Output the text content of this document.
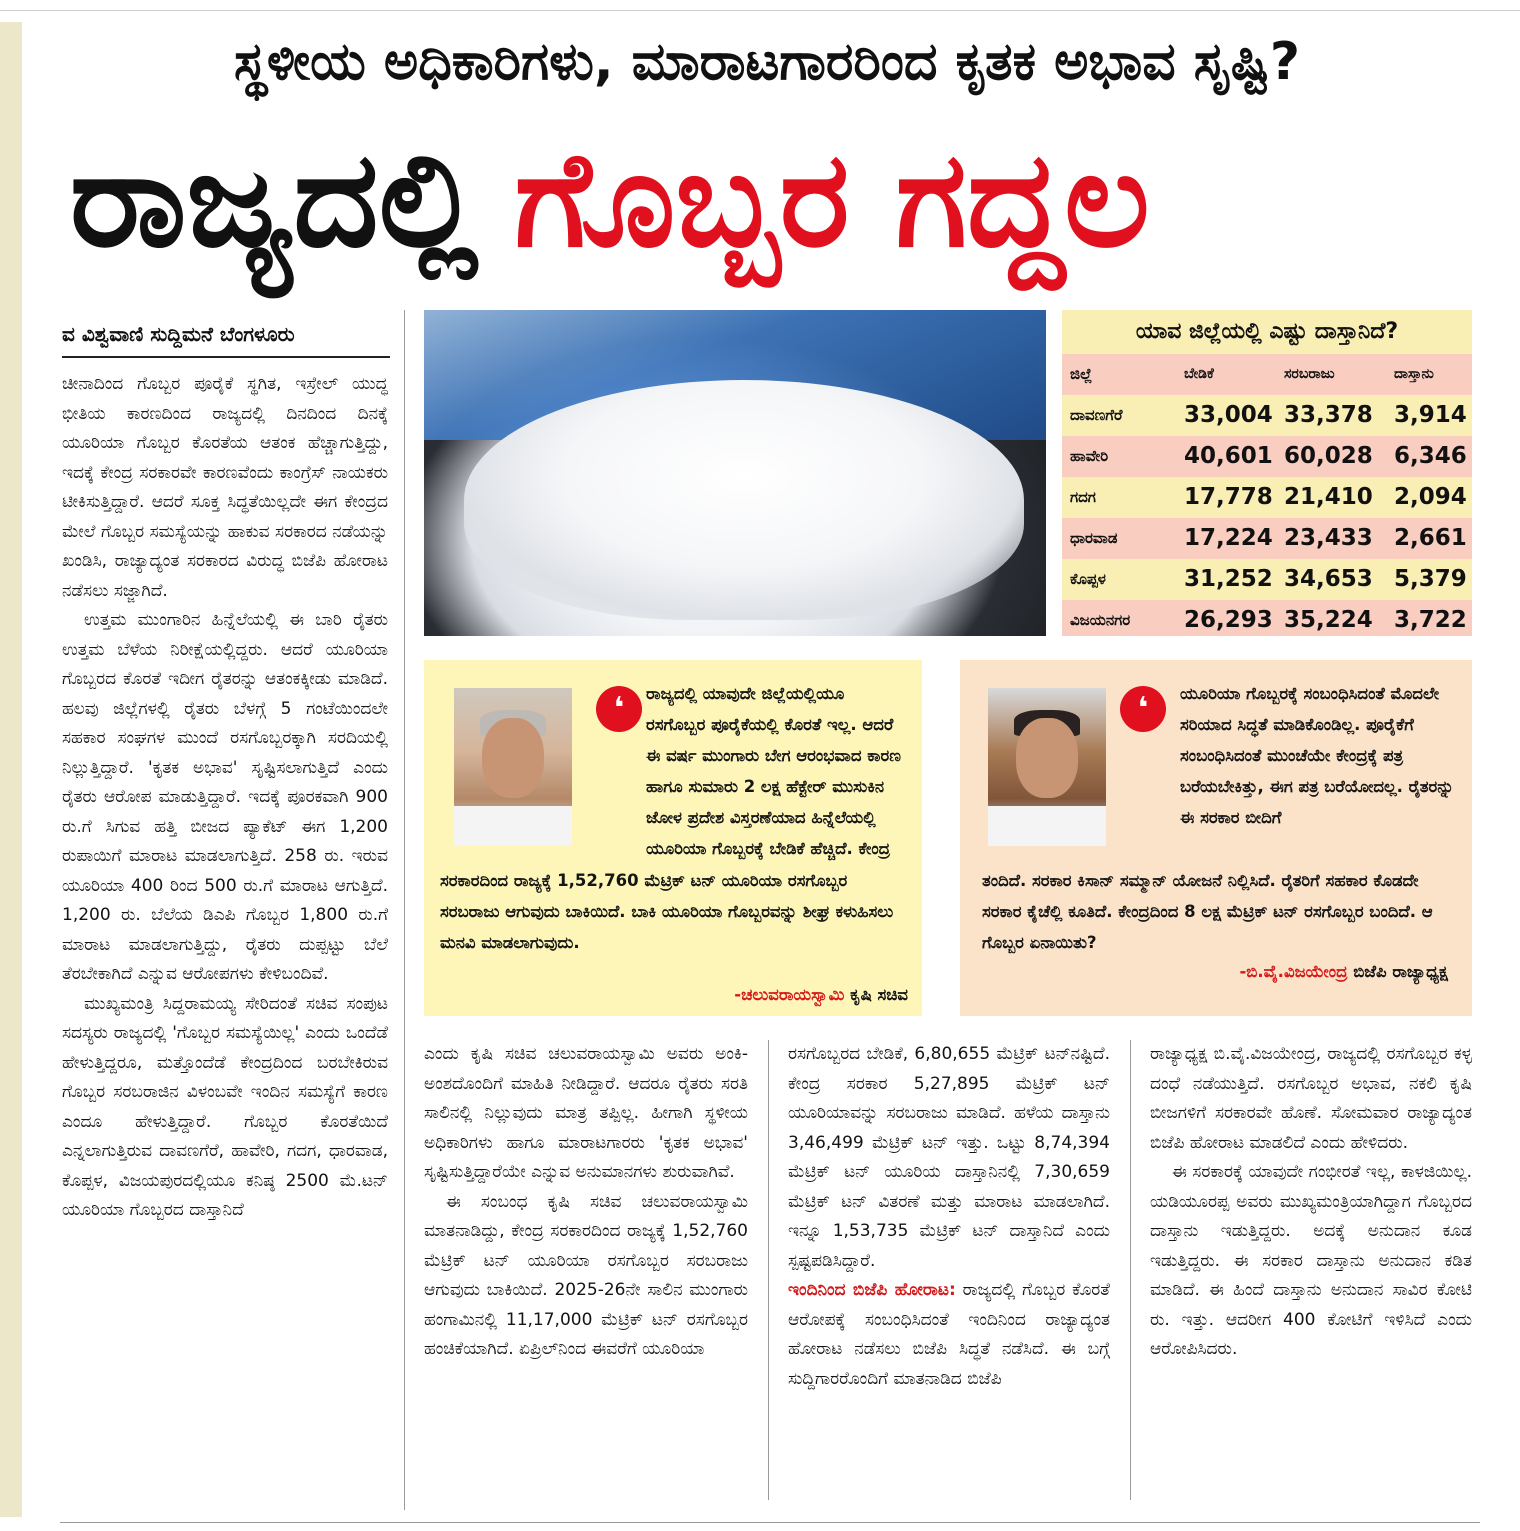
ಸ್ಥಳೀಯ ಅಧಿಕಾರಿಗಳು, ಮಾರಾಟಗಾರರಿಂದ ಕೃತಕ ಅಭಾವ ಸೃಷ್ಟಿ?
ರಾಜ್ಯದಲ್ಲಿ ಗೊಬ್ಬರ ಗದ್ದಲ
ವ ವಿಶ್ವವಾಣಿ ಸುದ್ದಿಮನೆ ಬೆಂಗಳೂರು

ಚೀನಾದಿಂದ ಗೊಬ್ಬರ ಪೂರೈಕೆ ಸ್ಥಗಿತ, ಇಸ್ರೇಲ್ ಯುದ್ಧ ಭೀತಿಯ ಕಾರಣದಿಂದ ರಾಜ್ಯದಲ್ಲಿ ದಿನದಿಂದ ದಿನಕ್ಕೆ ಯೂರಿಯಾ ಗೊಬ್ಬರ ಕೊರತೆಯ ಆತಂಕ ಹೆಚ್ಚಾಗುತ್ತಿದ್ದು, ಇದಕ್ಕೆ ಕೇಂದ್ರ ಸರಕಾರವೇ ಕಾರಣವೆಂದು ಕಾಂಗ್ರೆಸ್ ನಾಯಕರು ಟೀಕಿಸುತ್ತಿದ್ದಾರೆ. ಆದರೆ ಸೂಕ್ತ ಸಿದ್ಧತೆಯಿಲ್ಲದೇ ಈಗ ಕೇಂದ್ರದ ಮೇಲೆ ಗೊಬ್ಬರ ಸಮಸ್ಯೆಯನ್ನು ಹಾಕುವ ಸರಕಾರದ ನಡೆಯನ್ನು ಖಂಡಿಸಿ, ರಾಜ್ಯಾದ್ಯಂತ ಸರಕಾರದ ವಿರುದ್ಧ ಬಿಜೆಪಿ ಹೋರಾಟ ನಡೆಸಲು ಸಜ್ಜಾಗಿದೆ.

ಉತ್ತಮ ಮುಂಗಾರಿನ ಹಿನ್ನೆಲೆಯಲ್ಲಿ ಈ ಬಾರಿ ರೈತರು ಉತ್ತಮ ಬೆಳೆಯ ನಿರೀಕ್ಷೆಯಲ್ಲಿದ್ದರು. ಆದರೆ ಯೂರಿಯಾ ಗೊಬ್ಬರದ ಕೊರತೆ ಇದೀಗ ರೈತರನ್ನು ಆತಂಕಕ್ಕೀಡು ಮಾಡಿದೆ. ಹಲವು ಜಿಲ್ಲೆಗಳಲ್ಲಿ ರೈತರು ಬೆಳಗ್ಗೆ 5 ಗಂಟೆಯಿಂದಲೇ ಸಹಕಾರ ಸಂಘಗಳ ಮುಂದೆ ರಸಗೊಬ್ಬರಕ್ಕಾಗಿ ಸರದಿಯಲ್ಲಿ ನಿಲ್ಲುತ್ತಿದ್ದಾರೆ. 'ಕೃತಕ ಅಭಾವ' ಸೃಷ್ಟಿಸಲಾಗುತ್ತಿದೆ ಎಂದು ರೈತರು ಆರೋಪ ಮಾಡುತ್ತಿದ್ದಾರೆ. ಇದಕ್ಕೆ ಪೂರಕವಾಗಿ 900 ರು.ಗೆ ಸಿಗುವ ಹತ್ತಿ ಬೀಜದ ಪ್ಯಾಕೆಟ್ ಈಗ 1,200 ರುಪಾಯಿಗೆ ಮಾರಾಟ ಮಾಡಲಾಗುತ್ತಿದೆ. 258 ರು. ಇರುವ ಯೂರಿಯಾ 400 ರಿಂದ 500 ರು.ಗೆ ಮಾರಾಟ ಆಗುತ್ತಿದೆ. 1,200 ರು. ಬೆಲೆಯ ಡಿಎಪಿ ಗೊಬ್ಬರ 1,800 ರು.ಗೆ ಮಾರಾಟ ಮಾಡಲಾಗುತ್ತಿದ್ದು, ರೈತರು ದುಪ್ಪಟ್ಟು ಬೆಲೆ ತೆರಬೇಕಾಗಿದೆ ಎನ್ನುವ ಆರೋಪಗಳು ಕೇಳಿಬಂದಿವೆ.

ಮುಖ್ಯಮಂತ್ರಿ ಸಿದ್ದರಾಮಯ್ಯ ಸೇರಿದಂತೆ ಸಚಿವ ಸಂಪುಟ ಸದಸ್ಯರು ರಾಜ್ಯದಲ್ಲಿ 'ಗೊಬ್ಬರ ಸಮಸ್ಯೆಯಿಲ್ಲ' ಎಂದು ಒಂದೆಡೆ ಹೇಳುತ್ತಿದ್ದರೂ, ಮತ್ತೊಂದೆಡೆ ಕೇಂದ್ರದಿಂದ ಬರಬೇಕಿರುವ ಗೊಬ್ಬರ ಸರಬರಾಜಿನ ವಿಳಂಬವೇ ಇಂದಿನ ಸಮಸ್ಯೆಗೆ ಕಾರಣ ಎಂದೂ ಹೇಳುತ್ತಿದ್ದಾರೆ. ಗೊಬ್ಬರ ಕೊರತೆಯಿದೆ ಎನ್ನಲಾಗುತ್ತಿರುವ ದಾವಣಗೆರೆ, ಹಾವೇರಿ, ಗದಗ, ಧಾರವಾಡ, ಕೊಪ್ಪಳ, ವಿಜಯಪುರದಲ್ಲಿಯೂ ಕನಿಷ್ಠ 2500 ಮೆ.ಟನ್ ಯೂರಿಯಾ ಗೊಬ್ಬರದ ದಾಸ್ತಾನಿದೆ

ಯಾವ ಜಿಲ್ಲೆಯಲ್ಲಿ ಎಷ್ಟು ದಾಸ್ತಾನಿದೆ?
ಜಿಲ್ಲೆ	ಬೇಡಿಕೆ	ಸರಬರಾಜು	ದಾಸ್ತಾನು
ದಾವಣಗೆರೆ	33,004 33,378 3,914
ಹಾವೇರಿ	40,601 60,028 6,346
ಗದಗ	17,778 21,410 2,094
ಧಾರವಾಡ	17,224 23,433 2,661
ಕೊಪ್ಪಳ	31,252 34,653 5,379
ವಿಜಯನಗರ 26,293 35,224 3,722
❛	ರಾಜ್ಯದಲ್ಲಿ ಯಾವುದೇ ಜಿಲ್ಲೆಯಲ್ಲಿಯೂ ರಸಗೊಬ್ಬರ ಪೂರೈಕೆಯಲ್ಲಿ ಕೊರತೆ ಇಲ್ಲ. ಆದರೆ ಈ ವರ್ಷ ಮುಂಗಾರು ಬೇಗ ಆರಂಭವಾದ ಕಾರಣ ಹಾಗೂ ಸುಮಾರು 2 ಲಕ್ಷ ಹೆಕ್ಟೇರ್ ಮುಸುಕಿನ ಜೋಳ ಪ್ರದೇಶ ವಿಸ್ತರಣೆಯಾದ ಹಿನ್ನೆಲೆಯಲ್ಲಿ ಯೂರಿಯಾ ಗೊಬ್ಬರಕ್ಕೆ ಬೇಡಿಕೆ ಹೆಚ್ಚಿದೆ. ಕೇಂದ್ರ
ಸರಕಾರದಿಂದ ರಾಜ್ಯಕ್ಕೆ 1,52,760 ಮೆಟ್ರಿಕ್ ಟನ್ ಯೂರಿಯಾ ರಸಗೊಬ್ಬರ ಸರಬರಾಜು ಆಗುವುದು ಬಾಕಿಯಿದೆ. ಬಾಕಿ ಯೂರಿಯಾ ಗೊಬ್ಬರವನ್ನು ಶೀಘ್ರ ಕಳುಹಿಸಲು ಮನವಿ ಮಾಡಲಾಗುವುದು.
-ಚಲುವರಾಯಸ್ವಾಮಿ ಕೃಷಿ ಸಚಿವ
❛	ಯೂರಿಯಾ ಗೊಬ್ಬರಕ್ಕೆ ಸಂಬಂಧಿಸಿದಂತೆ ಮೊದಲೇ ಸರಿಯಾದ ಸಿದ್ಧತೆ ಮಾಡಿಕೊಂಡಿಲ್ಲ. ಪೂರೈಕೆಗೆ ಸಂಬಂಧಿಸಿದಂತೆ ಮುಂಚೆಯೇ ಕೇಂದ್ರಕ್ಕೆ ಪತ್ರ ಬರೆಯಬೇಕಿತ್ತು, ಈಗ ಪತ್ರ ಬರೆಯೋದಲ್ಲ. ರೈತರನ್ನು ಈ ಸರಕಾರ ಬೀದಿಗೆ
ತಂದಿದೆ. ಸರಕಾರ ಕಿಸಾನ್ ಸಮ್ಮಾನ್ ಯೋಜನೆ ನಿಲ್ಲಿಸಿದೆ. ರೈತರಿಗೆ ಸಹಕಾರ ಕೊಡದೇ ಸರಕಾರ ಕೈಚೆಲ್ಲಿ ಕೂತಿದೆ. ಕೇಂದ್ರದಿಂದ 8 ಲಕ್ಷ ಮೆಟ್ರಿಕ್ ಟನ್ ರಸಗೊಬ್ಬರ ಬಂದಿದೆ. ಆ ಗೊಬ್ಬರ ಏನಾಯಿತು?
-ಬಿ.ವೈ.ವಿಜಯೇಂದ್ರ ಬಿಜೆಪಿ ರಾಜ್ಯಾಧ್ಯಕ್ಷ

ಎಂದು ಕೃಷಿ ಸಚಿವ ಚಲುವರಾಯಸ್ವಾಮಿ ಅವರು ಅಂಕಿ-ಅಂಶದೊಂದಿಗೆ ಮಾಹಿತಿ ನೀಡಿದ್ದಾರೆ. ಆದರೂ ರೈತರು ಸರತಿ ಸಾಲಿನಲ್ಲಿ ನಿಲ್ಲುವುದು ಮಾತ್ರ ತಪ್ಪಿಲ್ಲ. ಹೀಗಾಗಿ ಸ್ಥಳೀಯ ಅಧಿಕಾರಿಗಳು ಹಾಗೂ ಮಾರಾಟಗಾರರು 'ಕೃತಕ ಅಭಾವ' ಸೃಷ್ಟಿಸುತ್ತಿದ್ದಾರೆಯೇ ಎನ್ನುವ ಅನುಮಾನಗಳು ಶುರುವಾಗಿವೆ.

ಈ ಸಂಬಂಧ ಕೃಷಿ ಸಚಿವ ಚಲುವರಾಯಸ್ವಾಮಿ ಮಾತನಾಡಿದ್ದು, ಕೇಂದ್ರ ಸರಕಾರದಿಂದ ರಾಜ್ಯಕ್ಕೆ 1,52,760 ಮೆಟ್ರಿಕ್ ಟನ್ ಯೂರಿಯಾ ರಸಗೊಬ್ಬರ ಸರಬರಾಜು ಆಗುವುದು ಬಾಕಿಯಿದೆ. 2025-26ನೇ ಸಾಲಿನ ಮುಂಗಾರು ಹಂಗಾಮಿನಲ್ಲಿ 11,17,000 ಮೆಟ್ರಿಕ್ ಟನ್ ರಸಗೊಬ್ಬರ ಹಂಚಿಕೆಯಾಗಿದೆ. ಏಪ್ರಿಲ್‌ನಿಂದ ಈವರೆಗೆ ಯೂರಿಯಾ

ರಸಗೊಬ್ಬರದ ಬೇಡಿಕೆ, 6,80,655 ಮೆಟ್ರಿಕ್ ಟನ್‌ನಷ್ಟಿದೆ. ಕೇಂದ್ರ ಸರಕಾರ 5,27,895 ಮೆಟ್ರಿಕ್ ಟನ್ ಯೂರಿಯಾವನ್ನು ಸರಬರಾಜು ಮಾಡಿದೆ. ಹಳೆಯ ದಾಸ್ತಾನು 3,46,499 ಮೆಟ್ರಿಕ್ ಟನ್ ಇತ್ತು. ಒಟ್ಟು 8,74,394 ಮೆಟ್ರಿಕ್ ಟನ್ ಯೂರಿಯ ದಾಸ್ತಾನಿನಲ್ಲಿ 7,30,659 ಮೆಟ್ರಿಕ್ ಟನ್ ವಿತರಣೆ ಮತ್ತು ಮಾರಾಟ ಮಾಡಲಾಗಿದೆ. ಇನ್ನೂ 1,53,735 ಮೆಟ್ರಿಕ್ ಟನ್ ದಾಸ್ತಾನಿದೆ ಎಂದು ಸ್ಪಷ್ಟಪಡಿಸಿದ್ದಾರೆ.

ಇಂದಿನಿಂದ ಬಿಜೆಪಿ ಹೋರಾಟ: ರಾಜ್ಯದಲ್ಲಿ ಗೊಬ್ಬರ ಕೊರತೆ ಆರೋಪಕ್ಕೆ ಸಂಬಂಧಿಸಿದಂತೆ ಇಂದಿನಿಂದ ರಾಜ್ಯಾದ್ಯಂತ ಹೋರಾಟ ನಡೆಸಲು ಬಿಜೆಪಿ ಸಿದ್ಧತೆ ನಡೆಸಿದೆ. ಈ ಬಗ್ಗೆ ಸುದ್ದಿಗಾರರೊಂದಿಗೆ ಮಾತನಾಡಿದ ಬಿಜೆಪಿ

ರಾಜ್ಯಾಧ್ಯಕ್ಷ ಬಿ.ವೈ.ವಿಜಯೇಂದ್ರ, ರಾಜ್ಯದಲ್ಲಿ ರಸಗೊಬ್ಬರ ಕಳ್ಳ ದಂಧೆ ನಡೆಯುತ್ತಿದೆ. ರಸಗೊಬ್ಬರ ಅಭಾವ, ನಕಲಿ ಕೃಷಿ ಬೀಜಗಳಿಗೆ ಸರಕಾರವೇ ಹೊಣೆ. ಸೋಮವಾರ ರಾಜ್ಯಾದ್ಯಂತ ಬಿಜೆಪಿ ಹೋರಾಟ ಮಾಡಲಿದೆ ಎಂದು ಹೇಳಿದರು.

ಈ ಸರಕಾರಕ್ಕೆ ಯಾವುದೇ ಗಂಭೀರತೆ ಇಲ್ಲ, ಕಾಳಜಿಯಿಲ್ಲ. ಯಡಿಯೂರಪ್ಪ ಅವರು ಮುಖ್ಯಮಂತ್ರಿಯಾಗಿದ್ದಾಗ ಗೊಬ್ಬರದ ದಾಸ್ತಾನು ಇಡುತ್ತಿದ್ದರು. ಅದಕ್ಕೆ ಅನುದಾನ ಕೂಡ ಇಡುತ್ತಿದ್ದರು. ಈ ಸರಕಾರ ದಾಸ್ತಾನು ಅನುದಾನ ಕಡಿತ ಮಾಡಿದೆ. ಈ ಹಿಂದೆ ದಾಸ್ತಾನು ಅನುದಾನ ಸಾವಿರ ಕೋಟಿ ರು. ಇತ್ತು. ಆದರೀಗ 400 ಕೋಟಿಗೆ ಇಳಿಸಿದೆ ಎಂದು ಆರೋಪಿಸಿದರು.
